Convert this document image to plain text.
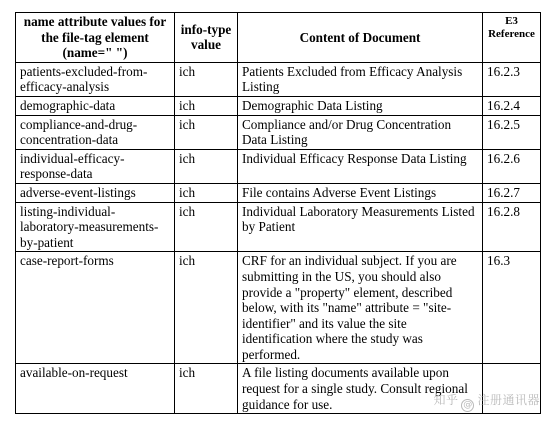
name attribute values for the file-tag element (name=" ")	info-type value	Content of Document	E3 Reference
patients-excluded-from-efficacy-analysis	ich	Patients Excluded from Efficacy Analysis Listing	16.2.3
demographic-data	ich	Demographic Data Listing	16.2.4
compliance-and-drug-concentration-data	ich	Compliance and/or Drug Concentration Data Listing	16.2.5
individual-efficacy-response-data	ich	Individual Efficacy Response Data Listing	16.2.6
adverse-event-listings	ich	File contains Adverse Event Listings	16.2.7
listing-individual-laboratory-measurements-by-patient	ich	Individual Laboratory Measurements Listed by Patient	16.2.8
case-report-forms	ich	CRF for an individual subject. If you are submitting in the US, you should also provide a "property" element, described below, with its "name" attribute = "site-identifier" and its value the site identification where the study was performed.	16.3
available-on-request	ich	A file listing documents available upon request for a single study. Consult regional guidance for use.		知乎 @ 注册通讯器
